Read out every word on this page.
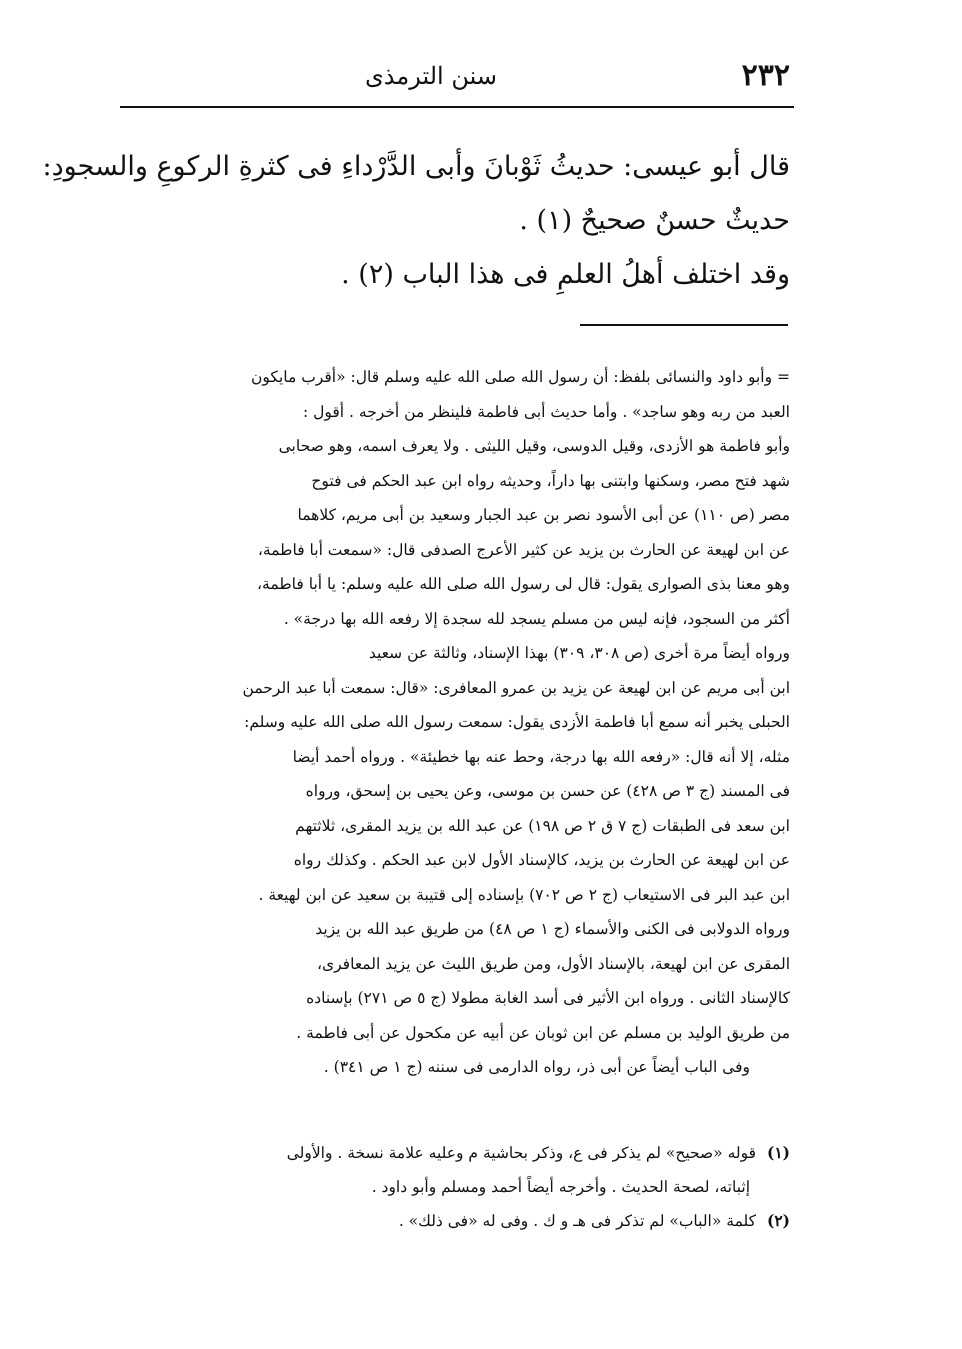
٢٣٢
سنن الترمذى
قال أبو عيسى: حديثُ ثَوْبانَ وأبى الدَّرْداءِ فى كثرةِ الركوعِ والسجودِ:
حديثٌ حسنٌ صحيحٌ (١) .
وقد اختلف أهلُ العلمِ فى هذا الباب (٢) .
= وأبو داود والنسائى بلفظ: أن رسول الله صلى الله عليه وسلم قال: «أقرب مايكون
العبد من ربه وهو ساجد» . وأما حديث أبى فاطمة فلينظر من أخرجه . أقول :
وأبو فاطمة هو الأزدى، وقيل الدوسى، وقيل الليثى . ولا يعرف اسمه، وهو صحابى
شهد فتح مصر، وسكنها وابتنى بها داراً، وحديثه رواه ابن عبد الحكم فى فتوح
مصر (ص ١١٠) عن أبى الأسود نصر بن عبد الجبار وسعيد بن أبى مريم، كلاهما
عن ابن لهيعة عن الحارث بن يزيد عن كثير الأعرج الصدفى قال: «سمعت أبا فاطمة،
وهو معنا بذى الصوارى يقول: قال لى رسول الله صلى الله عليه وسلم: يا أبا فاطمة،
أكثر من السجود، فإنه ليس من مسلم يسجد لله سجدة إلا رفعه الله بها درجة» .
ورواه أيضاً مرة أخرى (ص ٣٠٨، ٣٠٩) بهذا الإسناد، وثالثة عن سعيد
ابن أبى مريم عن ابن لهيعة عن يزيد بن عمرو المعافرى: «قال: سمعت أبا عبد الرحمن
الحبلى يخبر أنه سمع أبا فاطمة الأزدى يقول: سمعت رسول الله صلى الله عليه وسلم:
مثله، إلا أنه قال: «رفعه الله بها درجة، وحط عنه بها خطيئة» . ورواه أحمد أيضا
فى المسند (ج ٣ ص ٤٢٨) عن حسن بن موسى، وعن يحيى بن إسحق، ورواه
ابن سعد فى الطبقات (ج ٧ ق ٢ ص ١٩٨) عن عبد الله بن يزيد المقرى، ثلاثتهم
عن ابن لهيعة عن الحارث بن يزيد، كالإسناد الأول لابن عبد الحكم . وكذلك رواه
ابن عبد البر فى الاستيعاب (ج ٢ ص ٧٠٢) بإسناده إلى قتيبة بن سعيد عن ابن لهيعة .
ورواه الدولابى فى الكنى والأسماء (ج ١ ص ٤٨) من طريق عبد الله بن يزيد
المقرى عن ابن لهيعة، بالإسناد الأول، ومن طريق الليث عن يزيد المعافرى،
كالإسناد الثانى . ورواه ابن الأثير فى أسد الغابة مطولا (ج ٥ ص ٢٧١) بإسناده
من طريق الوليد بن مسلم عن ابن ثوبان عن أبيه عن مكحول عن أبى فاطمة .
وفى الباب أيضاً عن أبى ذر، رواه الدارمى فى سننه (ج ١ ص ٣٤١) .
(١) قوله «صحيح» لم يذكر فى ع، وذكر بحاشية م وعليه علامة نسخة . والأولى
إثباته، لصحة الحديث . وأخرجه أيضاً أحمد ومسلم وأبو داود .
(٢) كلمة «الباب» لم تذكر فى هـ و ك . وفى له «فى ذلك» .
